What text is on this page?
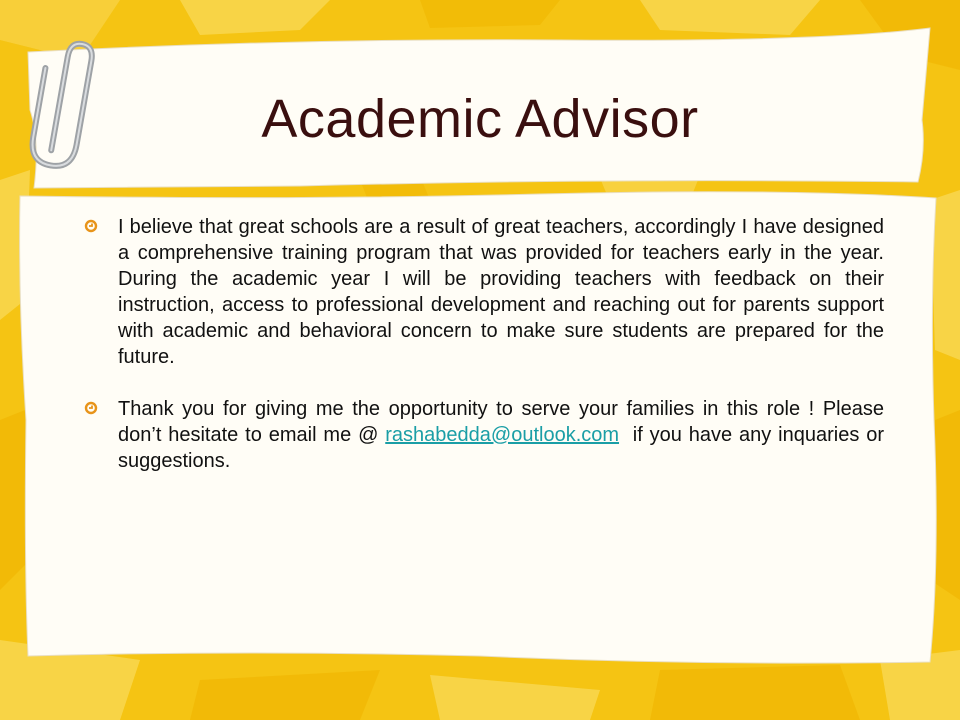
Academic Advisor
I believe that great schools are a result of great teachers, accordingly I have designed a comprehensive training program that was provided for teachers early in the year. During the academic year I will be providing teachers with feedback on their instruction, access to professional development and reaching out for parents support with academic and behavioral concern to make sure students are prepared for the future.
Thank you for giving me the opportunity to serve your families in this role ! Please don’t hesitate to email me @ rashabedda@outlook.com  if you have any inquaries or suggestions.
